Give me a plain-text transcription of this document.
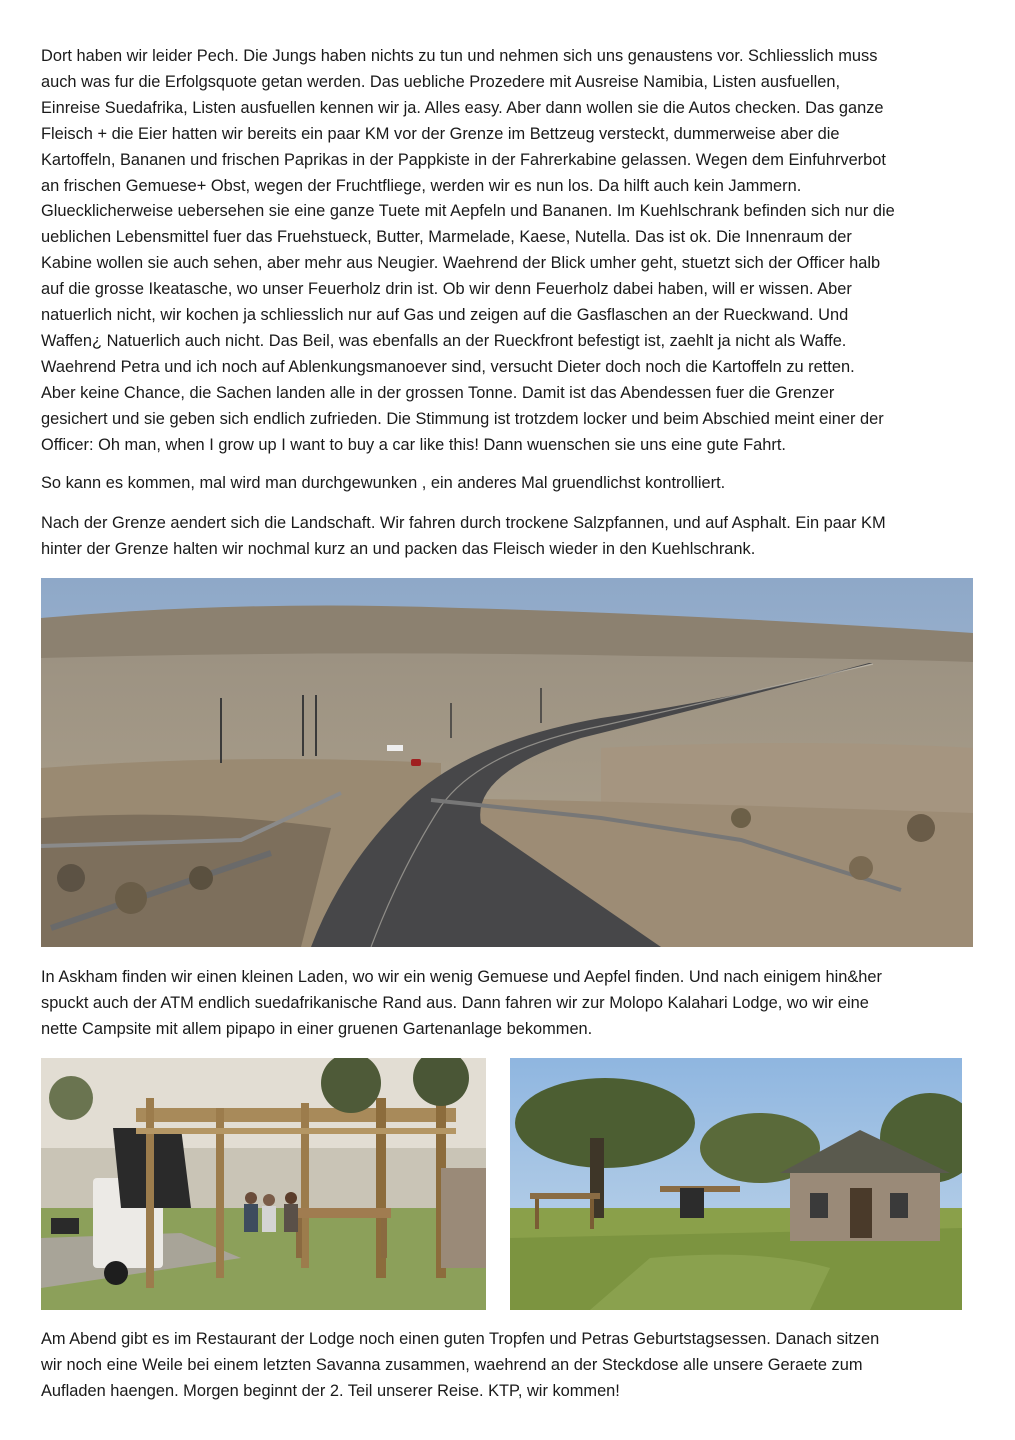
Dort haben wir leider Pech. Die Jungs haben nichts zu tun und nehmen sich uns genaustens vor. Schliesslich muss
auch was fur die Erfolgsquote getan werden. Das uebliche Prozedere mit Ausreise Namibia, Listen ausfuellen,
Einreise Suedafrika, Listen ausfuellen kennen wir ja. Alles easy. Aber dann wollen sie die Autos checken. Das ganze
Fleisch + die Eier hatten wir bereits ein paar KM vor der Grenze im Bettzeug versteckt, dummerweise aber die
Kartoffeln, Bananen und frischen Paprikas in der Pappkiste in der Fahrerkabine gelassen. Wegen dem Einfuhrverbot
an frischen Gemuese+ Obst, wegen der Fruchtfliege, werden wir es nun los. Da hilft auch kein Jammern.
Gluecklicherweise uebersehen sie eine ganze Tuete mit Aepfeln und Bananen. Im Kuehlschrank befinden sich nur die
ueblichen Lebensmittel fuer das Fruehstueck, Butter, Marmelade, Kaese, Nutella. Das ist ok. Die Innenraum der
Kabine wollen sie auch sehen, aber mehr aus Neugier. Waehrend der Blick umher geht, stuetzt sich der Officer halb
auf die grosse Ikeatasche, wo unser Feuerholz drin ist. Ob wir denn Feuerholz dabei haben, will er wissen. Aber
natuerlich nicht, wir kochen ja schliesslich nur auf Gas und zeigen auf die Gasflaschen an der Rueckwand. Und
Waffen¿ Natuerlich auch nicht. Das Beil, was ebenfalls an der Rueckfront befestigt ist, zaehlt ja nicht als Waffe.
Waehrend Petra und ich noch auf Ablenkungsmanoever sind, versucht Dieter doch noch die Kartoffeln zu retten.
Aber keine Chance, die Sachen landen alle in der grossen Tonne. Damit ist das Abendessen fuer die Grenzer
gesichert und sie geben sich endlich zufrieden. Die Stimmung ist trotzdem locker und beim Abschied meint einer der
Officer: Oh man, when I grow up I want to buy a car like this! Dann wuenschen sie uns eine gute Fahrt.

So kann es kommen, mal wird man durchgewunken , ein anderes Mal gruendlichst kontrolliert.

Nach der Grenze aendert sich die Landschaft. Wir fahren durch trockene Salzpfannen, und auf Asphalt. Ein paar KM
hinter der Grenze halten wir nochmal kurz an und packen das Fleisch wieder in den Kuehlschrank.

In Askham finden wir einen kleinen Laden, wo wir ein wenig Gemuese und Aepfel finden. Und nach einigem hin&her
spuckt auch der ATM endlich suedafrikanische Rand aus. Dann fahren wir zur Molopo Kalahari Lodge, wo wir eine
nette Campsite mit allem pipapo in einer gruenen Gartenanlage bekommen.

Am Abend gibt es im Restaurant der Lodge noch einen guten Tropfen und Petras Geburtstagsessen. Danach sitzen
wir noch eine Weile bei einem letzten Savanna zusammen, waehrend an der Steckdose alle unsere Geraete zum
Aufladen haengen. Morgen beginnt der 2. Teil unserer Reise. KTP, wir kommen!
